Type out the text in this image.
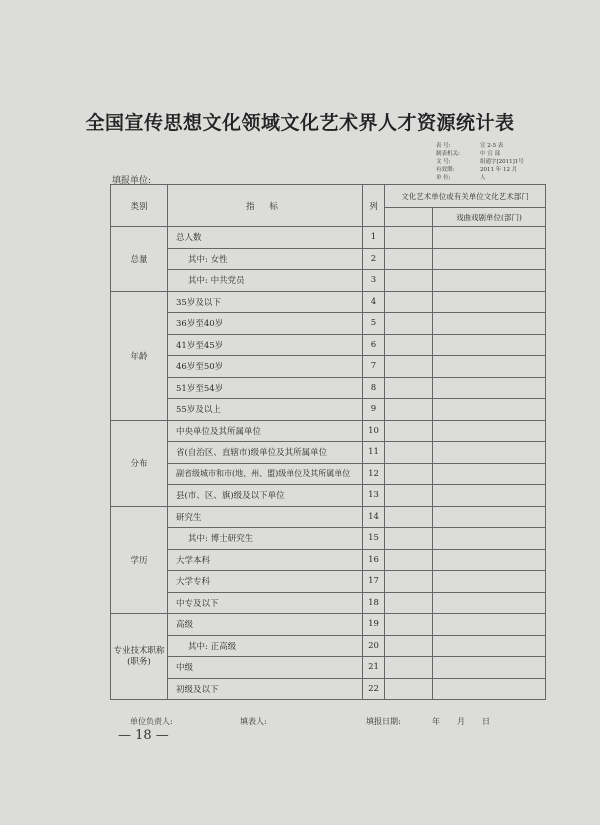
全国宣传思想文化领域文化艺术界人才资源统计表
表 号:	宣 2-5 表
制表机关:	中 宣 部
文 号:	组通字[2011]1号
有效期:	2011 年 12 月
单 位:	人
填报单位:
类别	指 标	列	文化艺术单位或有关单位文化艺术部门	
				戏曲戏剧单位(部门)
总量	总人数	1		
	其中: 女性	2		
	其中: 中共党员	3		
年龄	35岁及以下	4		
	36岁至40岁	5		
	41岁至45岁	6		
	46岁至50岁	7		
	51岁至54岁	8		
	55岁及以上	9		
分布	中央单位及其所属单位	10		
	省(自治区、直辖市)级单位及其所属单位	11		
	副省级城市和市(地、州、盟)级单位及其所属单位	12		
	县(市、区、旗)级及以下单位	13		
学历	研究生	14		
	其中: 博士研究生	15		
	大学本科	16		
	大学专科	17		
	中专及以下	18		
专业技术职称(职务)	高级	19		
	其中: 正高级	20		
	中级	21		
	初级及以下	22		
单位负责人:	填表人:	填报日期:	年 月 日
— 18 —
